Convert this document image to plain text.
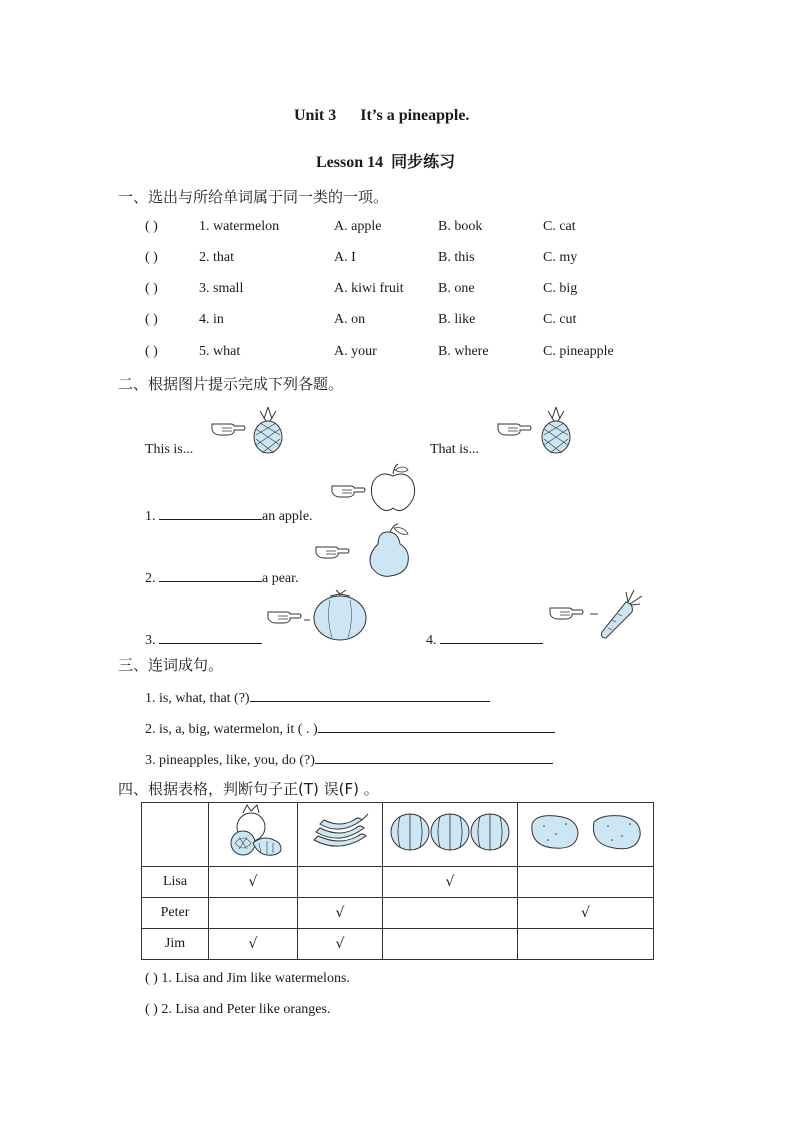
Unit 3      It’s a pineapple.
Lesson 14  同步练习
一、选出与所给单词属于同一类的一项。
( )	1. watermelon	A. apple	B. book	C. cat
( )	2. that	A. I	B. this	C. my
( )	3. small	A. kiwi fruit B. one	C. big
( )	4. in	A. on	B. like	C. cut
( )	5. what	A. your	B. where	C. pineapple
二、根据图片提示完成下列各题。
This is...	That is...
1.	an apple.
2.	a pear.
3.	4.
三、连词成句。
1. is, what, that (?)
2. is, a, big, watermelon, it ( . )
3. pineapples, like, you, do (?)
四、根据表格，判断句子正(T) 误(F) 。

Lisa	√		√	
Peter		√		√
Jim	√	√		
( ) 1. Lisa and Jim like watermelons.
( ) 2. Lisa and Peter like oranges.
